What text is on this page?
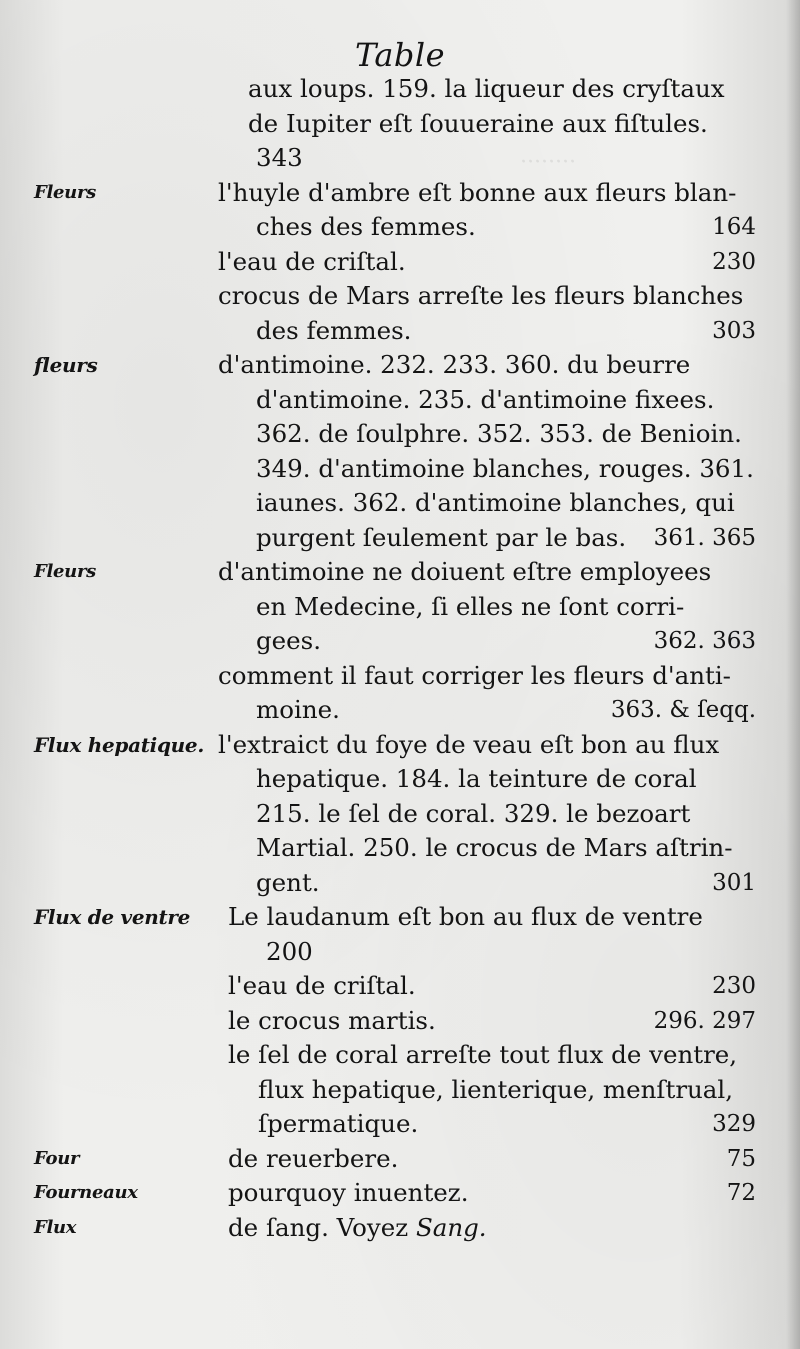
········
Table
aux loups. 159. la liqueur des cryſtaux
de Iupiter eſt ſouueraine aux fiſtules.
343
Fleurs	l'huyle d'ambre eſt bonne aux fleurs blan-
ches des femmes.	164
l'eau de criſtal.	230
crocus de Mars arreſte les fleurs blanches
des femmes.	303
fleurs	d'antimoine. 232. 233. 360. du beurre
d'antimoine. 235. d'antimoine fixees.
362. de ſoulphre. 352. 353. de Benioin.
349. d'antimoine blanches, rouges. 361.
iaunes. 362. d'antimoine blanches, qui
purgent ſeulement par le bas. 361. 365
Fleurs	d'antimoine ne doiuent eſtre employees
en Medecine, ſi elles ne ſont corri-
gees.	362. 363
comment il faut corriger les fleurs d'anti-
moine.	363. & ſeqq.
Flux hepatique. l'extraict du foye de veau eſt bon au flux
hepatique. 184. la teinture de coral
215. le ſel de coral. 329. le bezoart
Martial. 250. le crocus de Mars aſtrin-
gent.	301
Flux de ventre Le laudanum eſt bon au flux de ventre
200
l'eau de criſtal.	230
le crocus martis.	296. 297
le ſel de coral arreſte tout flux de ventre,
flux hepatique, lienterique, menſtrual,
ſpermatique.	329
Four	de reuerbere.	75
Fourneaux	pourquoy inuentez.	72
Flux	de ſang. Voyez Sang.
